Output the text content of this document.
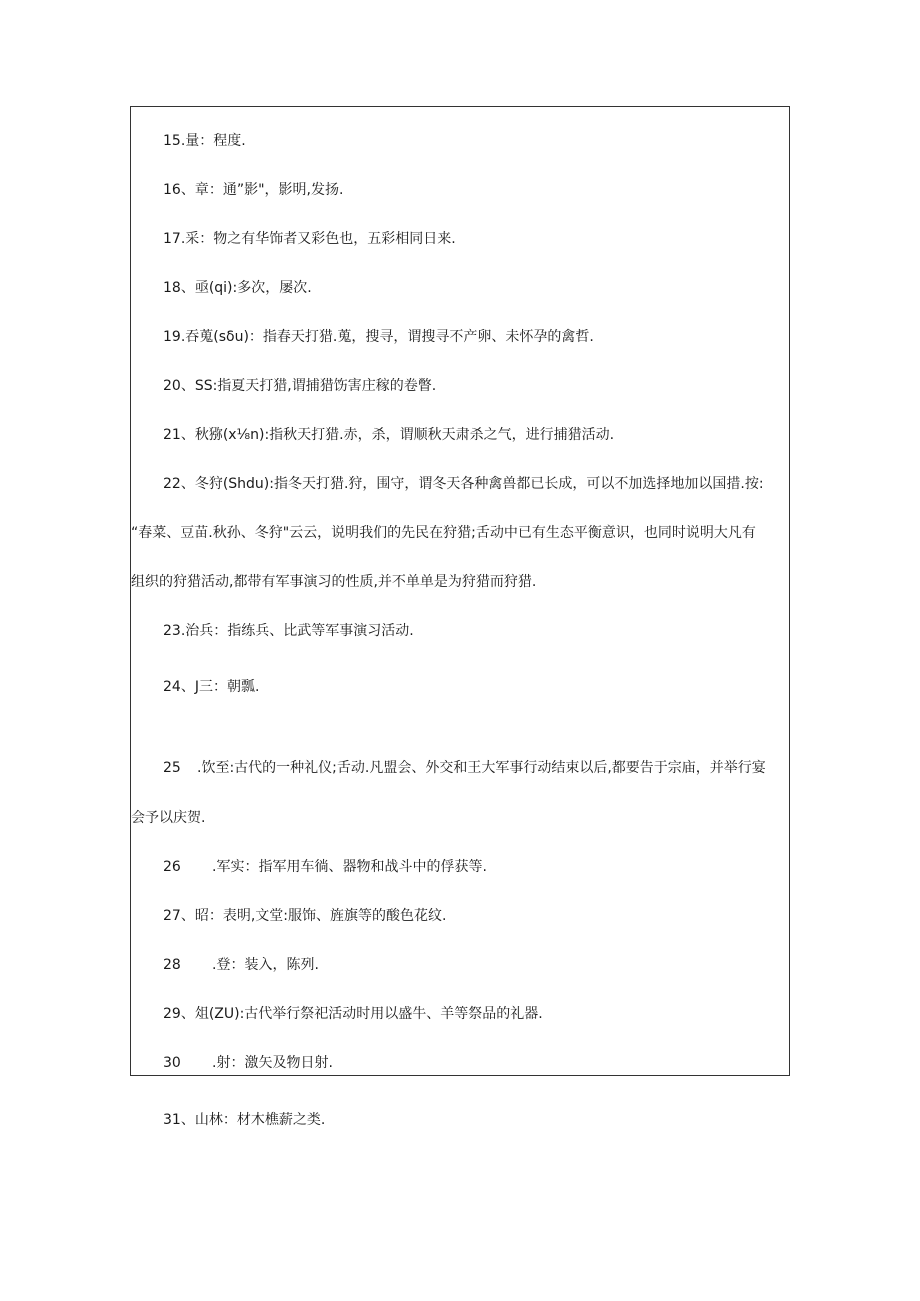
15.量：程度.
16、章：通”影"，影明,发扬.
17.采：物之有华饰者又彩色也，五彩相同日来.
18、亟(qi):多次，屡次.
19.吞蒐(sδu)：指春天打猎.蒐，搜寻，谓搜寻不产卵、未怀孕的禽哲.
20、SS:指夏天打猎,谓捕猎饬害庄稼的卷瞥.
21、秋猕(x⅛n):指秋天打猎.赤，杀，谓顺秋天肃杀之气，进行捕猎活动.
22、冬狩(Shdu):指冬天打猎.狩，围守，谓冬天各种禽兽都已长成，可以不加选择地加以国措.按:
“春菜、豆苗.秋孙、冬狩"云云，说明我们的先民在狩猎;舌动中已有生态平衡意识，也同时说明大凡有
组织的狩猎活动,都带有军事演习的性质,并不单单是为狩猎而狩猎.
23.治兵：指练兵、比武等军事演习活动.
24、J三：朝瓢.
25 .饮至:古代的一种礼仪;舌动.凡盟会、外交和王大军事行动结束以后,都要告于宗庙，并举行宴
会予以庆贺.
26 .军实：指军用车徜、器物和战斗中的俘获等.
27、昭：表明,文堂:服饰、旌旗等的酸色花纹.
28 .登：装入，陈列.
29、俎(ZU):古代举行祭祀活动时用以盛牛、羊等祭品的礼器.
30 .射：激矢及物日射.
31、山林：材木樵薪之类.
